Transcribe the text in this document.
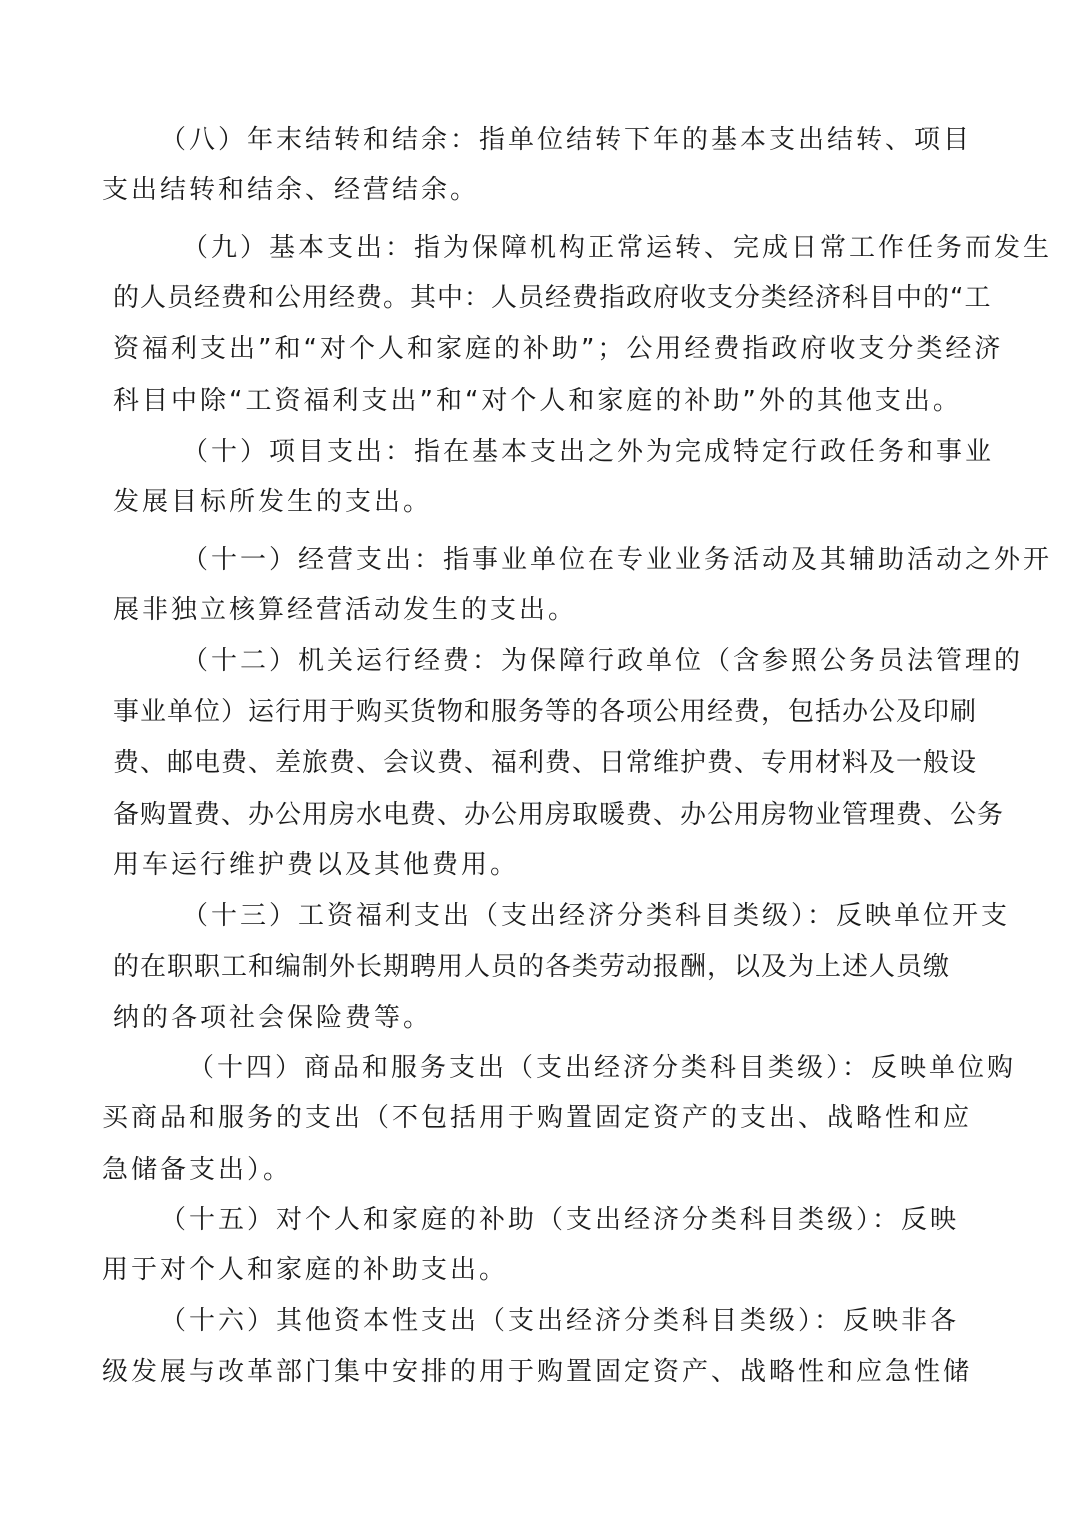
（八）年末结转和结余：指单位结转下年的基本支出结转、项目
支出结转和结余、经营结余。
（九）基本支出：指为保障机构正常运转、完成日常工作任务而发生
的人员经费和公用经费。其中：人员经费指政府收支分类经济科目中的“工
资福利支出”和“对个人和家庭的补助”；公用经费指政府收支分类经济
科目中除“工资福利支出”和“对个人和家庭的补助”外的其他支出。
（十）项目支出：指在基本支出之外为完成特定行政任务和事业
发展目标所发生的支出。
（十一）经营支出：指事业单位在专业业务活动及其辅助活动之外开
展非独立核算经营活动发生的支出。
（十二）机关运行经费：为保障行政单位（含参照公务员法管理的
事业单位）运行用于购买货物和服务等的各项公用经费，包括办公及印刷
费、邮电费、差旅费、会议费、福利费、日常维护费、专用材料及一般设
备购置费、办公用房水电费、办公用房取暖费、办公用房物业管理费、公务
用车运行维护费以及其他费用。
（十三）工资福利支出（支出经济分类科目类级）：反映单位开支
的在职职工和编制外长期聘用人员的各类劳动报酬，以及为上述人员缴
纳的各项社会保险费等。
（十四）商品和服务支出（支出经济分类科目类级）：反映单位购
买商品和服务的支出（不包括用于购置固定资产的支出、战略性和应
急储备支出）。
（十五）对个人和家庭的补助（支出经济分类科目类级）：反映
用于对个人和家庭的补助支出。
（十六）其他资本性支出（支出经济分类科目类级）：反映非各
级发展与改革部门集中安排的用于购置固定资产、战略性和应急性储
